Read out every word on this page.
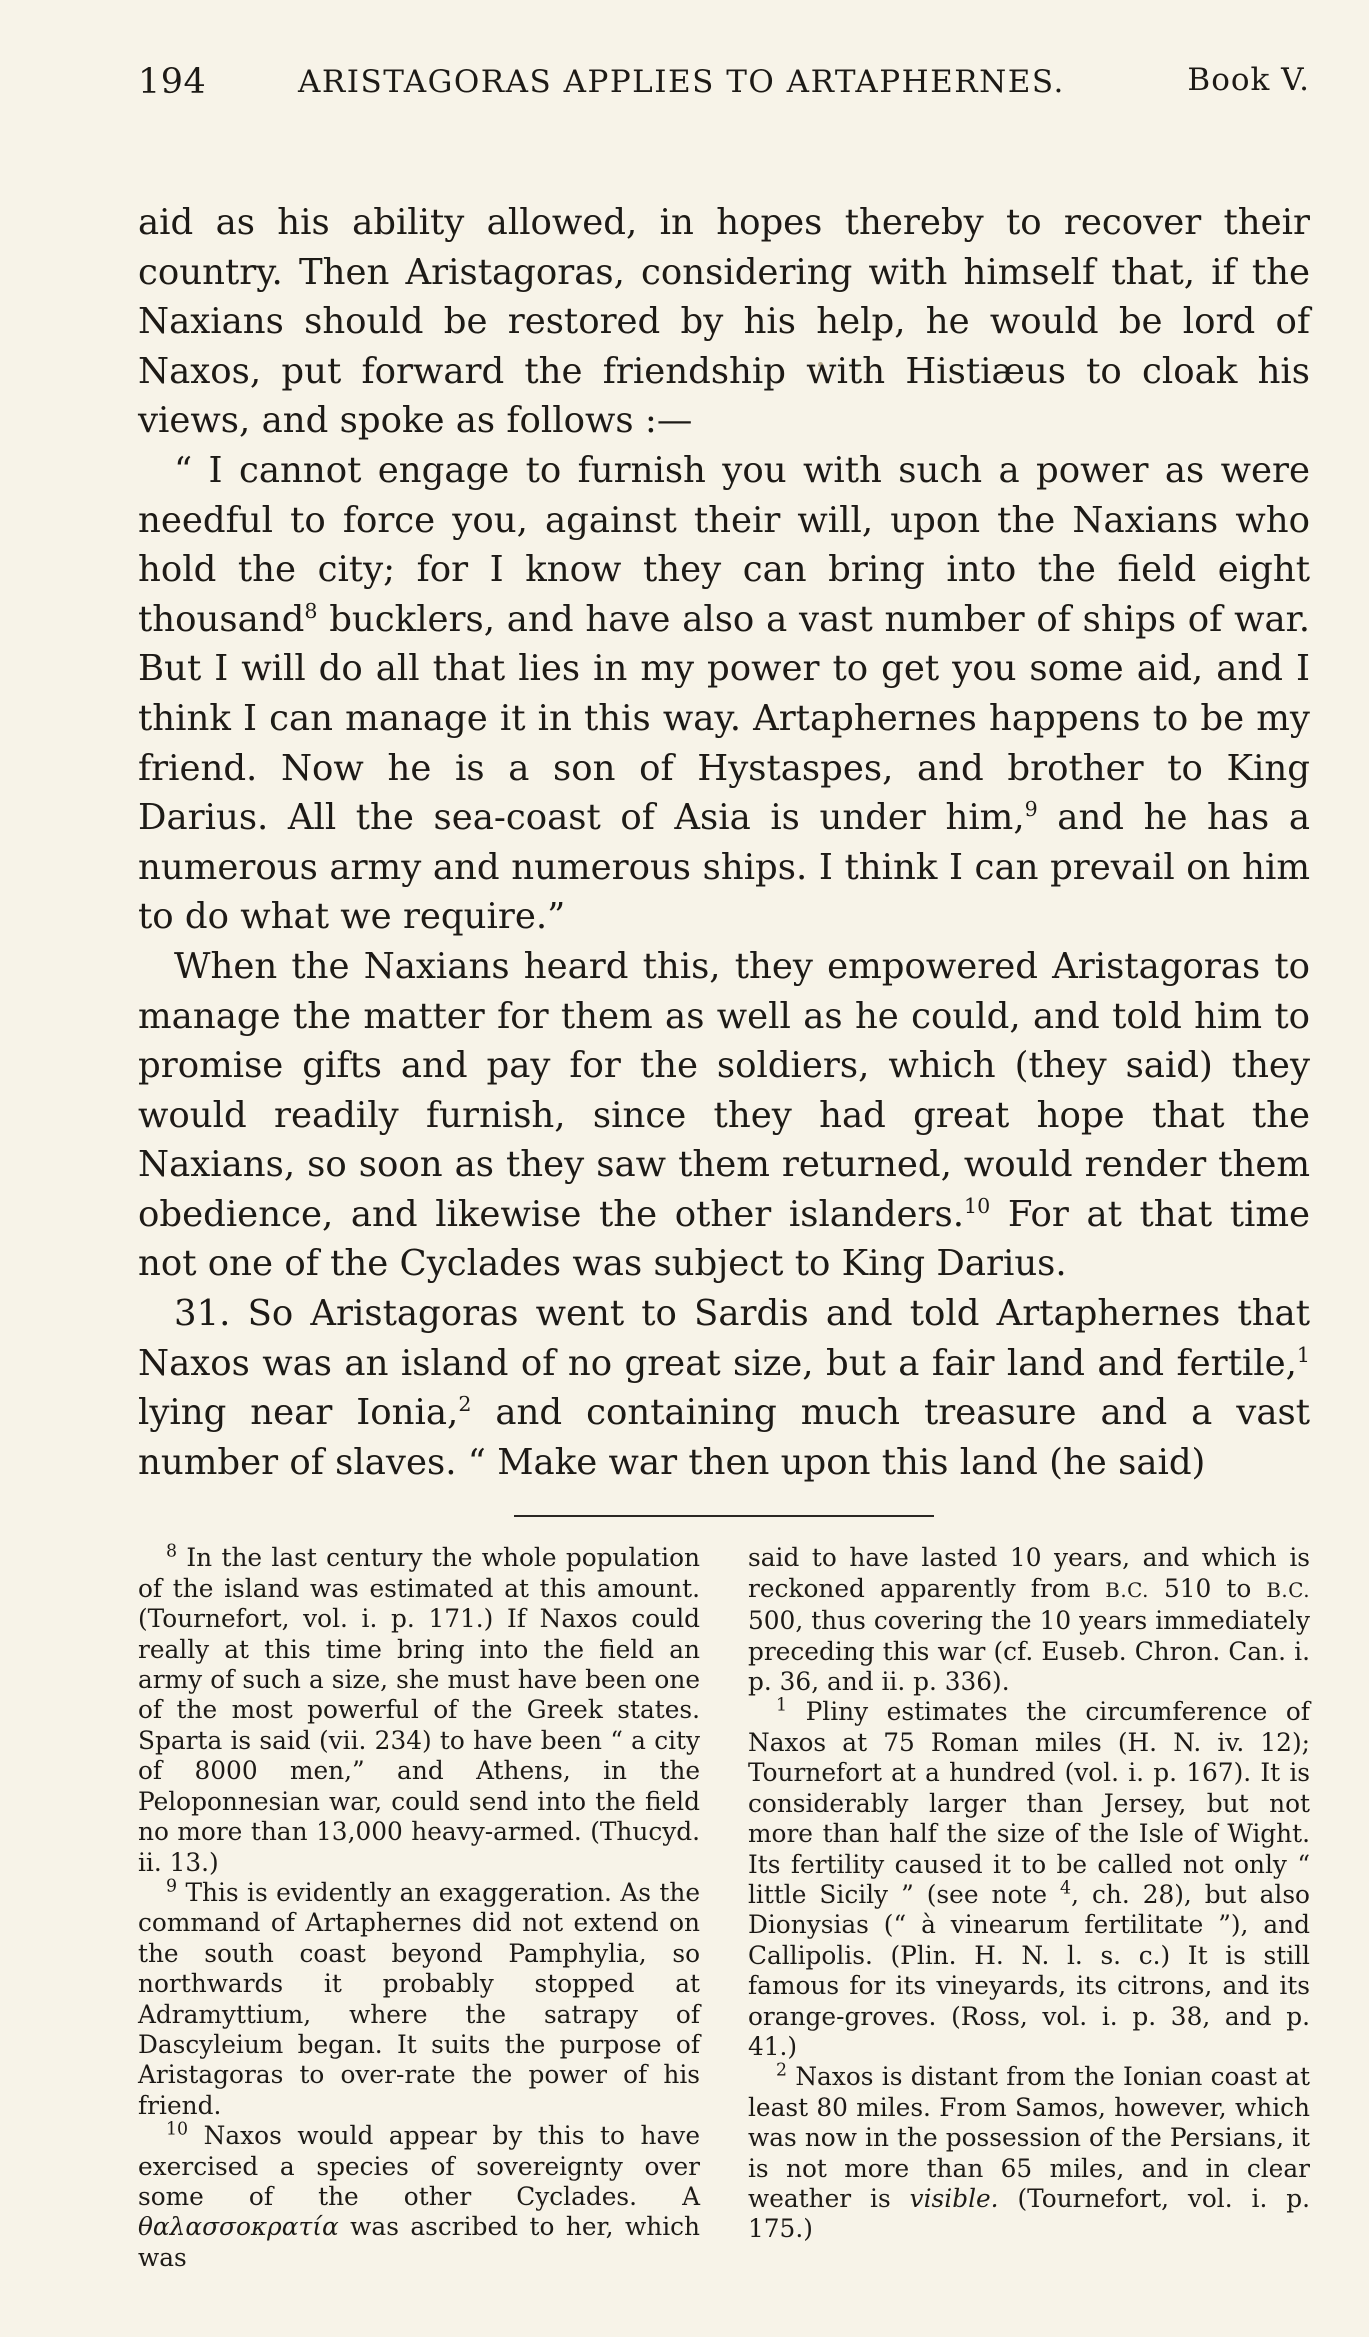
194	ARISTAGORAS APPLIES TO ARTAPHERNES.	Book V.

aid as his ability allowed, in hopes thereby to recover their country. Then Aristagoras, considering with himself that, if the Naxians should be restored by his help, he would be lord of Naxos, put forward the friendship with Histiæus to cloak his views, and spoke as follows :—

“ I cannot engage to furnish you with such a power as were needful to force you, against their will, upon the Naxians who hold the city; for I know they can bring into the field eight thousand$^8$ bucklers, and have also a vast number of ships of war. But I will do all that lies in my power to get you some aid, and I think I can manage it in this way. Artaphernes happens to be my friend. Now he is a son of Hystaspes, and brother to King Darius. All the sea-coast of Asia is under him,$^9$ and he has a numerous army and numerous ships. I think I can prevail on him to do what we require.”

When the Naxians heard this, they empowered Aristagoras to manage the matter for them as well as he could, and told him to promise gifts and pay for the soldiers, which (they said) they would readily furnish, since they had great hope that the Naxians, so soon as they saw them returned, would render them obedience, and likewise the other islanders.$^{10}$ For at that time not one of the Cyclades was subject to King Darius.

31. So Aristagoras went to Sardis and told Artaphernes that Naxos was an island of no great size, but a fair land and fertile,$^1$ lying near Ionia,$^2$ and containing much treasure and a vast number of slaves. “ Make war then upon this land (he said)

$^8$ In the last century the whole population of the island was estimated at this amount. (Tournefort, vol. i. p. 171.) If Naxos could really at this time bring into the field an army of such a size, she must have been one of the most powerful of the Greek states. Sparta is said (vii. 234) to have been “ a city of 8000 men,” and Athens, in the Peloponnesian war, could send into the field no more than 13,000 heavy-armed. (Thucyd. ii. 13.)

$^9$ This is evidently an exaggeration. As the command of Artaphernes did not extend on the south coast beyond Pamphylia, so northwards it probably stopped at Adramyttium, where the satrapy of Dascyleium began. It suits the purpose of Aristagoras to over-rate the power of his friend.

$^{10}$ Naxos would appear by this to have exercised a species of sovereignty over some of the other Cyclades. A θαλασσοκρατία was ascribed to her, which was

said to have lasted 10 years, and which is reckoned apparently from B.C. 510 to B.C. 500, thus covering the 10 years immediately preceding this war (cf. Euseb. Chron. Can. i. p. 36, and ii. p. 336).

$^1$ Pliny estimates the circumference of Naxos at 75 Roman miles (H. N. iv. 12); Tournefort at a hundred (vol. i. p. 167). It is considerably larger than Jersey, but not more than half the size of the Isle of Wight. Its fertility caused it to be called not only “ little Sicily ” (see note $^4$, ch. 28), but also Dionysias (“ à vinearum fertilitate ”), and Callipolis. (Plin. H. N. l. s. c.) It is still famous for its vineyards, its citrons, and its orange-groves. (Ross, vol. i. p. 38, and p. 41.)

$^2$ Naxos is distant from the Ionian coast at least 80 miles. From Samos, however, which was now in the possession of the Persians, it is not more than 65 miles, and in clear weather is visible. (Tournefort, vol. i. p. 175.)
